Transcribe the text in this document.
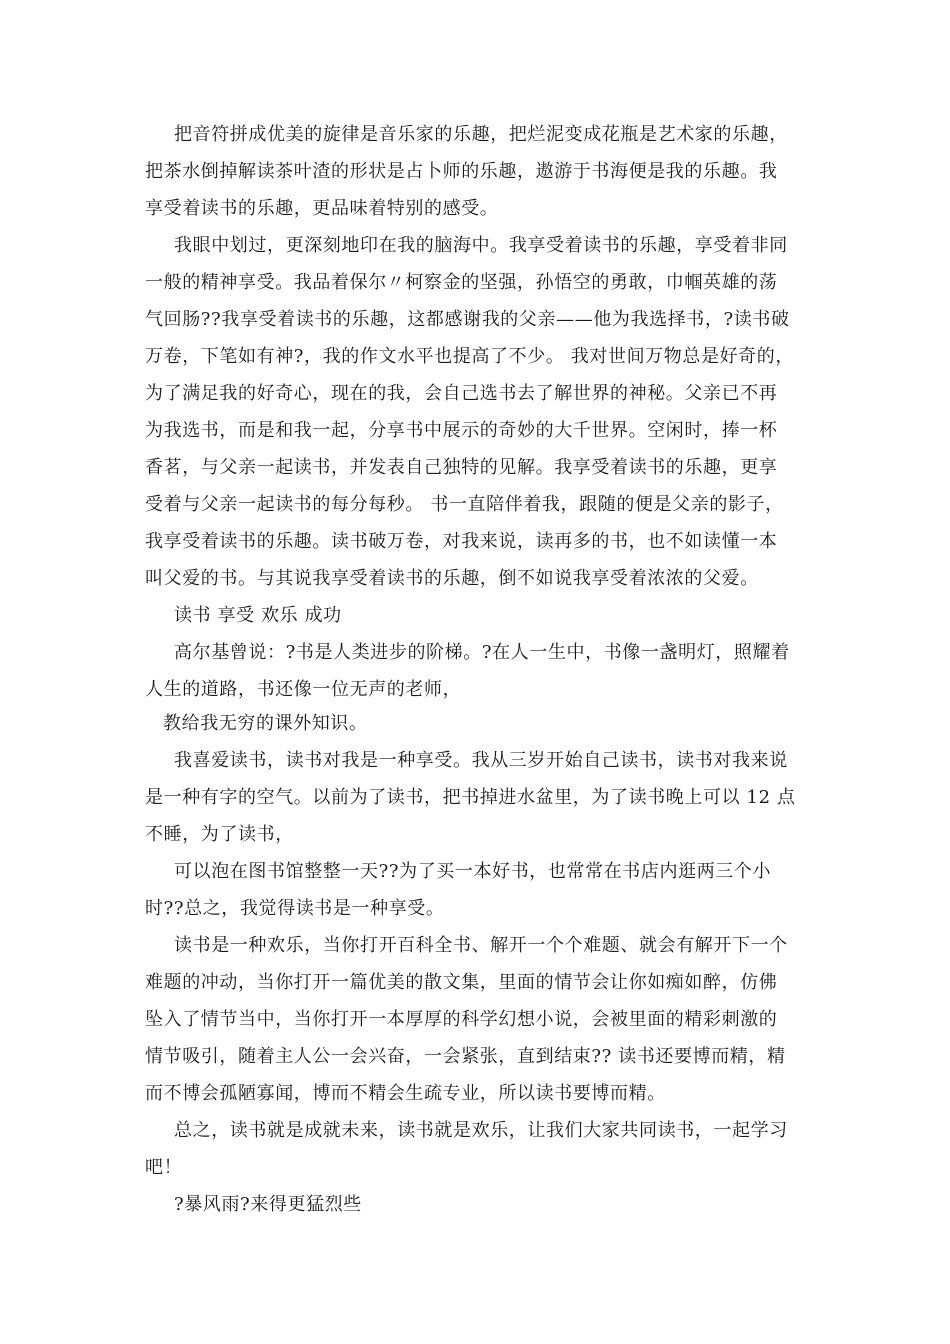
把音符拼成优美的旋律是音乐家的乐趣，把烂泥变成花瓶是艺术家的乐趣，

把茶水倒掉解读茶叶渣的形状是占卜师的乐趣，遨游于书海便是我的乐趣。我

享受着读书的乐趣，更品味着特别的感受。

我眼中划过，更深刻地印在我的脑海中。我享受着读书的乐趣，享受着非同

一般的精神享受。我品着保尔〃柯察金的坚强，孙悟空的勇敢，巾帼英雄的荡

气回肠??我享受着读书的乐趣，这都感谢我的父亲——他为我选择书，?读书破

万卷，下笔如有神?，我的作文水平也提高了不少。 我对世间万物总是好奇的，

为了满足我的好奇心，现在的我，会自己选书去了解世界的神秘。父亲已不再

为我选书，而是和我一起，分享书中展示的奇妙的大千世界。空闲时，捧一杯

香茗，与父亲一起读书，并发表自己独特的见解。我享受着读书的乐趣，更享

受着与父亲一起读书的每分每秒。 书一直陪伴着我，跟随的便是父亲的影子，

我享受着读书的乐趣。读书破万卷，对我来说，读再多的书，也不如读懂一本

叫父爱的书。与其说我享受着读书的乐趣，倒不如说我享受着浓浓的父爱。

读书 享受 欢乐 成功

高尔基曾说：?书是人类进步的阶梯。?在人一生中，书像一盏明灯，照耀着

人生的道路，书还像一位无声的老师，

教给我无穷的课外知识。

我喜爱读书，读书对我是一种享受。我从三岁开始自己读书，读书对我来说

是一种有字的空气。以前为了读书，把书掉进水盆里，为了读书晚上可以 12 点

不睡，为了读书，

可以泡在图书馆整整一天??为了买一本好书，也常常在书店内逛两三个小

时??总之，我觉得读书是一种享受。

读书是一种欢乐，当你打开百科全书、解开一个个难题、就会有解开下一个

难题的冲动，当你打开一篇优美的散文集，里面的情节会让你如痴如醉，仿佛

坠入了情节当中，当你打开一本厚厚的科学幻想小说，会被里面的精彩刺激的

情节吸引，随着主人公一会兴奋，一会紧张，直到结束?? 读书还要博而精，精

而不博会孤陋寡闻，博而不精会生疏专业，所以读书要博而精。

总之，读书就是成就未来，读书就是欢乐，让我们大家共同读书，一起学习

吧！

?暴风雨?来得更猛烈些
